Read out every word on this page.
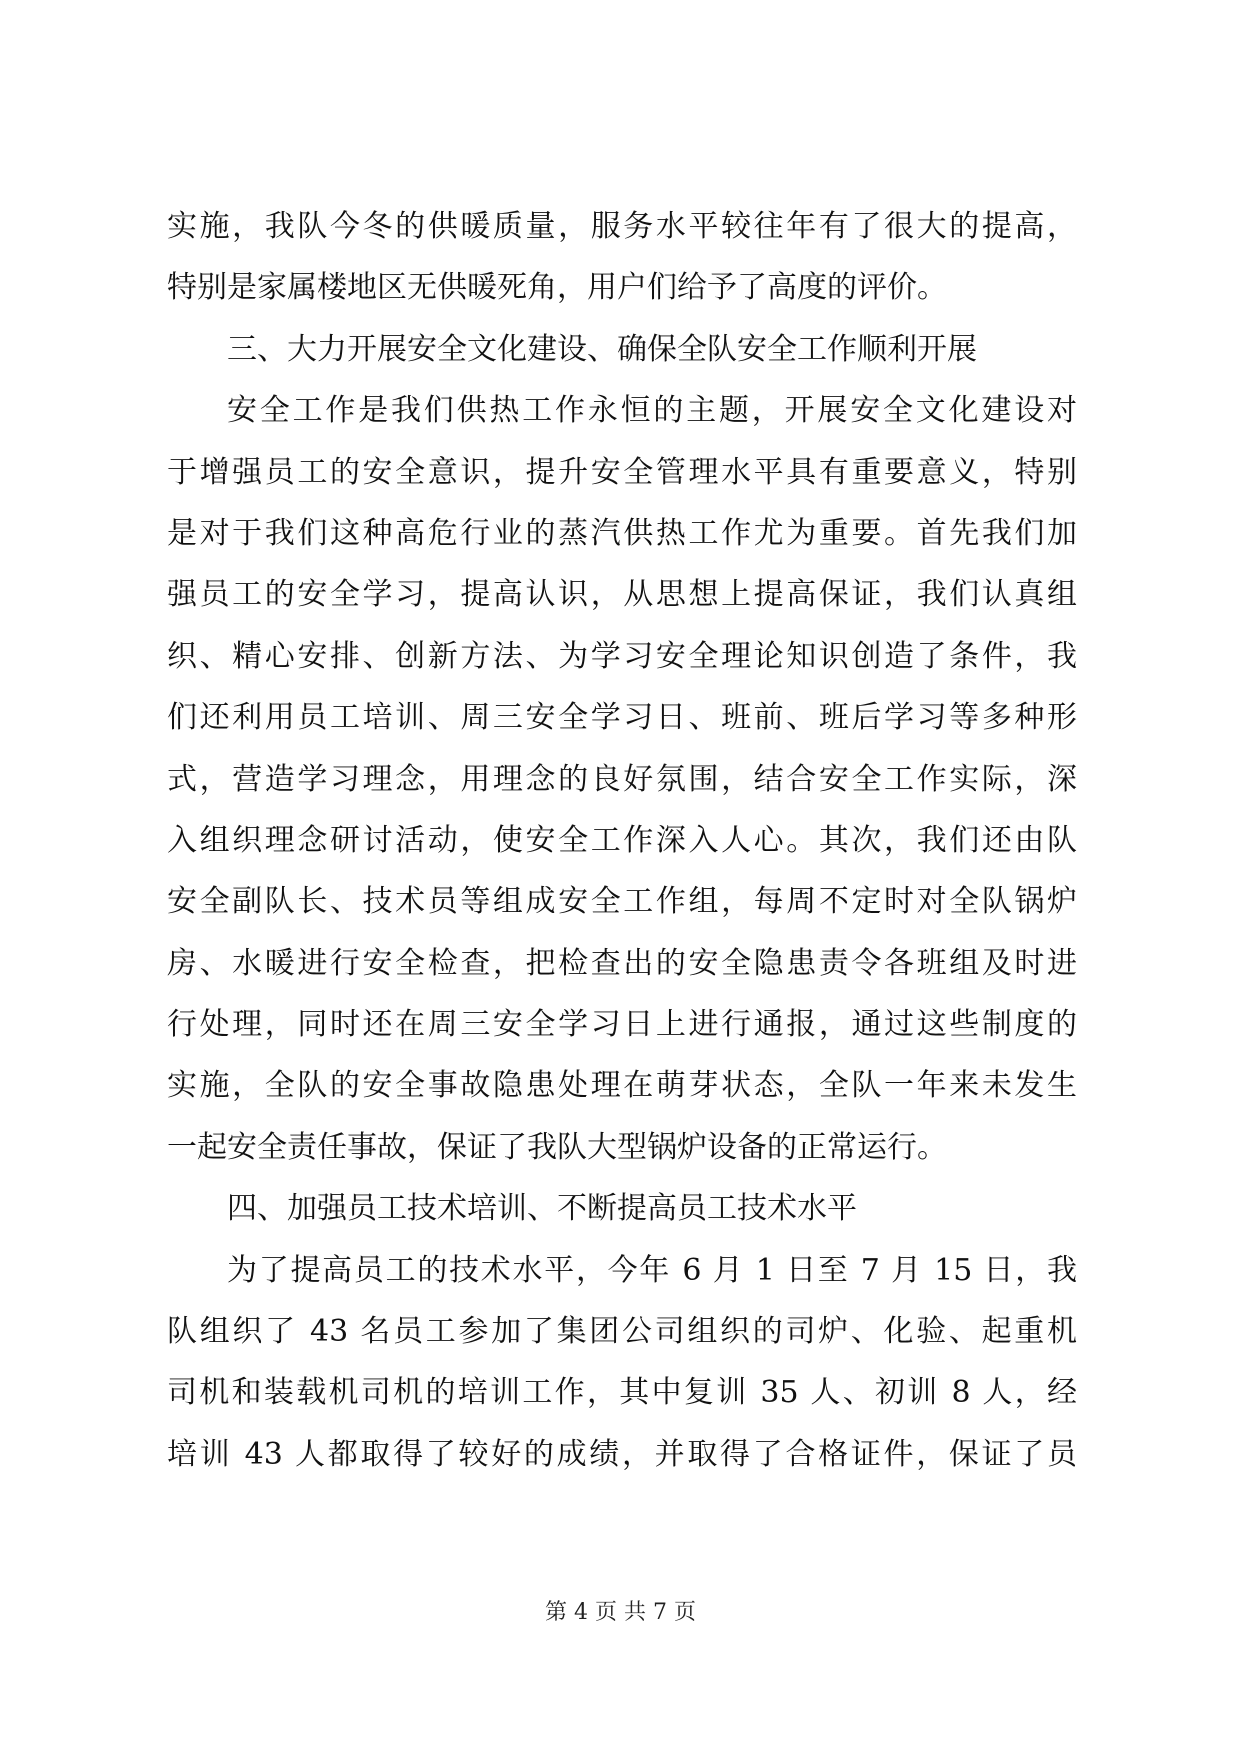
实施，我队今冬的供暖质量，服务水平较往年有了很大的提高，
特别是家属楼地区无供暖死角，用户们给予了高度的评价。
三、大力开展安全文化建设、确保全队安全工作顺利开展
安全工作是我们供热工作永恒的主题，开展安全文化建设对
于增强员工的安全意识，提升安全管理水平具有重要意义，特别
是对于我们这种高危行业的蒸汽供热工作尤为重要。首先我们加
强员工的安全学习，提高认识，从思想上提高保证，我们认真组
织、精心安排、创新方法、为学习安全理论知识创造了条件，我
们还利用员工培训、周三安全学习日、班前、班后学习等多种形
式，营造学习理念，用理念的良好氛围，结合安全工作实际，深
入组织理念研讨活动，使安全工作深入人心。其次，我们还由队
安全副队长、技术员等组成安全工作组，每周不定时对全队锅炉
房、水暖进行安全检查，把检查出的安全隐患责令各班组及时进
行处理，同时还在周三安全学习日上进行通报，通过这些制度的
实施，全队的安全事故隐患处理在萌芽状态，全队一年来未发生
一起安全责任事故，保证了我队大型锅炉设备的正常运行。
四、加强员工技术培训、不断提高员工技术水平
为了提高员工的技术水平，今年 6 月 1 日至 7 月 15 日，我
队组织了 43 名员工参加了集团公司组织的司炉、化验、起重机
司机和装载机司机的培训工作，其中复训 35 人、初训 8 人，经
培训 43 人都取得了较好的成绩，并取得了合格证件，保证了员
第 4 页 共 7 页
